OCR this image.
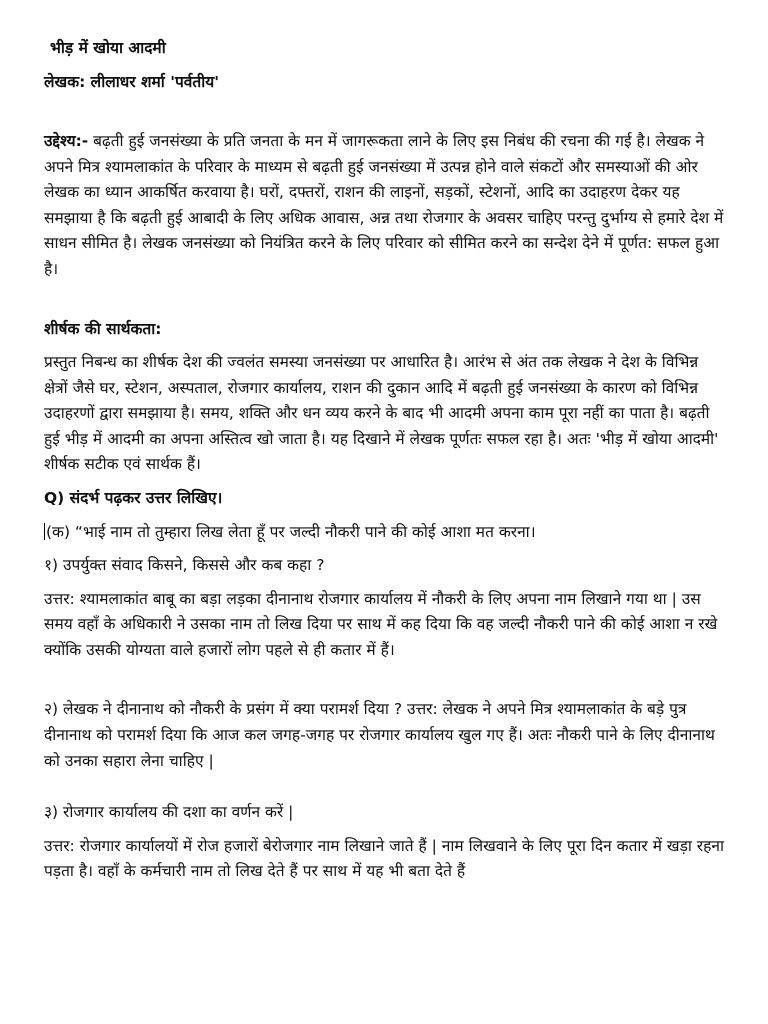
भीड़ में खोया आदमी
लेखक: लीलाधर शर्मा 'पर्वतीय'

उद्देश्य:- बढ़ती हुई जनसंख्या के प्रति जनता के मन में जागरूकता लाने के लिए इस निबंध की रचना की गई है। लेखक ने अपने मित्र श्यामलाकांत के परिवार के माध्यम से बढ़ती हुई जनसंख्या में उत्पन्न होने वाले संकटों और समस्याओं की ओर लेखक का ध्यान आकर्षित करवाया है। घरों, दफ्तरों, राशन की लाइनों, सड़कों, स्टेशनों, आदि का उदाहरण देकर यह समझाया है कि बढ़ती हुई आबादी के लिए अधिक आवास, अन्न तथा रोजगार के अवसर चाहिए परन्तु दुर्भाग्य से हमारे देश में साधन सीमित है। लेखक जनसंख्या को नियंत्रित करने के लिए परिवार को सीमित करने का सन्देश देने में पूर्णत: सफल हुआ है।

शीर्षक की सार्थकता:

प्रस्तुत निबन्ध का शीर्षक देश की ज्वलंत समस्या जनसंख्या पर आधारित है। आरंभ से अंत तक लेखक ने देश के विभिन्न क्षेत्रों जैसे घर, स्टेशन, अस्पताल, रोजगार कार्यालय, राशन की दुकान आदि में बढ़ती हुई जनसंख्या के कारण को विभिन्न उदाहरणों द्वारा समझाया है। समय, शक्ति और धन व्यय करने के बाद भी आदमी अपना काम पूरा नहीं का पाता है। बढ़ती हुई भीड़ में आदमी का अपना अस्तित्व खो जाता है। यह दिखाने में लेखक पूर्णतः सफल रहा है। अतः 'भीड़ में खोया आदमी' शीर्षक सटीक एवं सार्थक हैं।

Q) संदर्भ पढ़कर उत्तर लिखिए।
(क) “भाई नाम तो तुम्हारा लिख लेता हूँ पर जल्दी नौकरी पाने की कोई आशा मत करना।
१) उपर्युक्त संवाद किसने, किससे और कब कहा ?

उत्तर: श्यामलाकांत बाबू का बड़ा लड़का दीनानाथ रोजगार कार्यालय में नौकरी के लिए अपना नाम लिखाने गया था | उस समय वहाँ के अधिकारी ने उसका नाम तो लिख दिया पर साथ में कह दिया कि वह जल्दी नौकरी पाने की कोई आशा न रखे क्योंकि उसकी योग्यता वाले हजारों लोग पहले से ही कतार में हैं।

२) लेखक ने दीनानाथ को नौकरी के प्रसंग में क्या परामर्श दिया ? उत्तर: लेखक ने अपने मित्र श्यामलाकांत के बड़े पुत्र दीनानाथ को परामर्श दिया कि आज कल जगह-जगह पर रोजगार कार्यालय खुल गए हैं। अतः नौकरी पाने के लिए दीनानाथ को उनका सहारा लेना चाहिए |

३) रोजगार कार्यालय की दशा का वर्णन करें |

उत्तर: रोजगार कार्यालयों में रोज हजारों बेरोजगार नाम लिखाने जाते हैं | नाम लिखवाने के लिए पूरा दिन कतार में खड़ा रहना पड़ता है। वहाँ के कर्मचारी नाम तो लिख देते हैं पर साथ में यह भी बता देते हैं
